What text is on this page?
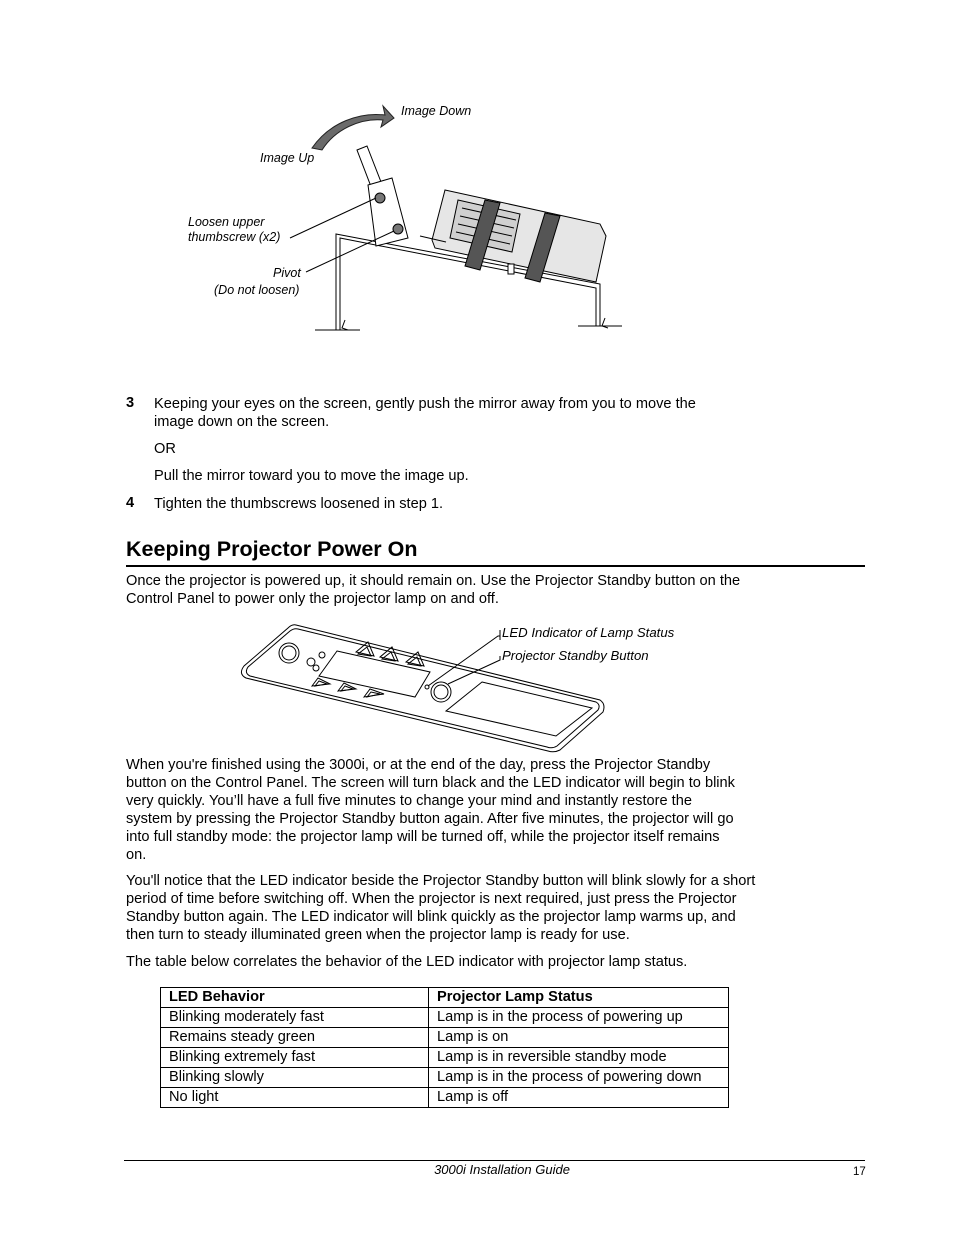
Image Down
Image Up
Loosen upper
thumbscrew (x2)
Pivot
(Do not loosen)
3 Keeping your eyes on the screen, gently push the mirror away from you to move the
image down on the screen.
OR
Pull the mirror toward you to move the image up.
4 Tighten the thumbscrews loosened in step 1.
Keeping Projector Power On
Once the projector is powered up, it should remain on. Use the Projector Standby button on the
Control Panel to power only the projector lamp on and off.
LED Indicator of Lamp Status
Projector Standby Button
When you're finished using the 3000i, or at the end of the day, press the Projector Standby
button on the Control Panel. The screen will turn black and the LED indicator will begin to blink
very quickly. You’ll have a full five minutes to change your mind and instantly restore the
system by pressing the Projector Standby button again. After five minutes, the projector will go
into full standby mode: the projector lamp will be turned off, while the projector itself remains
on.
You'll notice that the LED indicator beside the Projector Standby button will blink slowly for a short
period of time before switching off. When the projector is next required, just press the Projector
Standby button again. The LED indicator will blink quickly as the projector lamp warms up, and
then turn to steady illuminated green when the projector lamp is ready for use.
The table below correlates the behavior of the LED indicator with projector lamp status.
LED Behavior	Projector Lamp Status
Blinking moderately fast	Lamp is in the process of powering up
Remains steady green	Lamp is on
Blinking extremely fast	Lamp is in reversible standby mode
Blinking slowly	Lamp is in the process of powering down
No light	Lamp is off
3000i Installation Guide	17
